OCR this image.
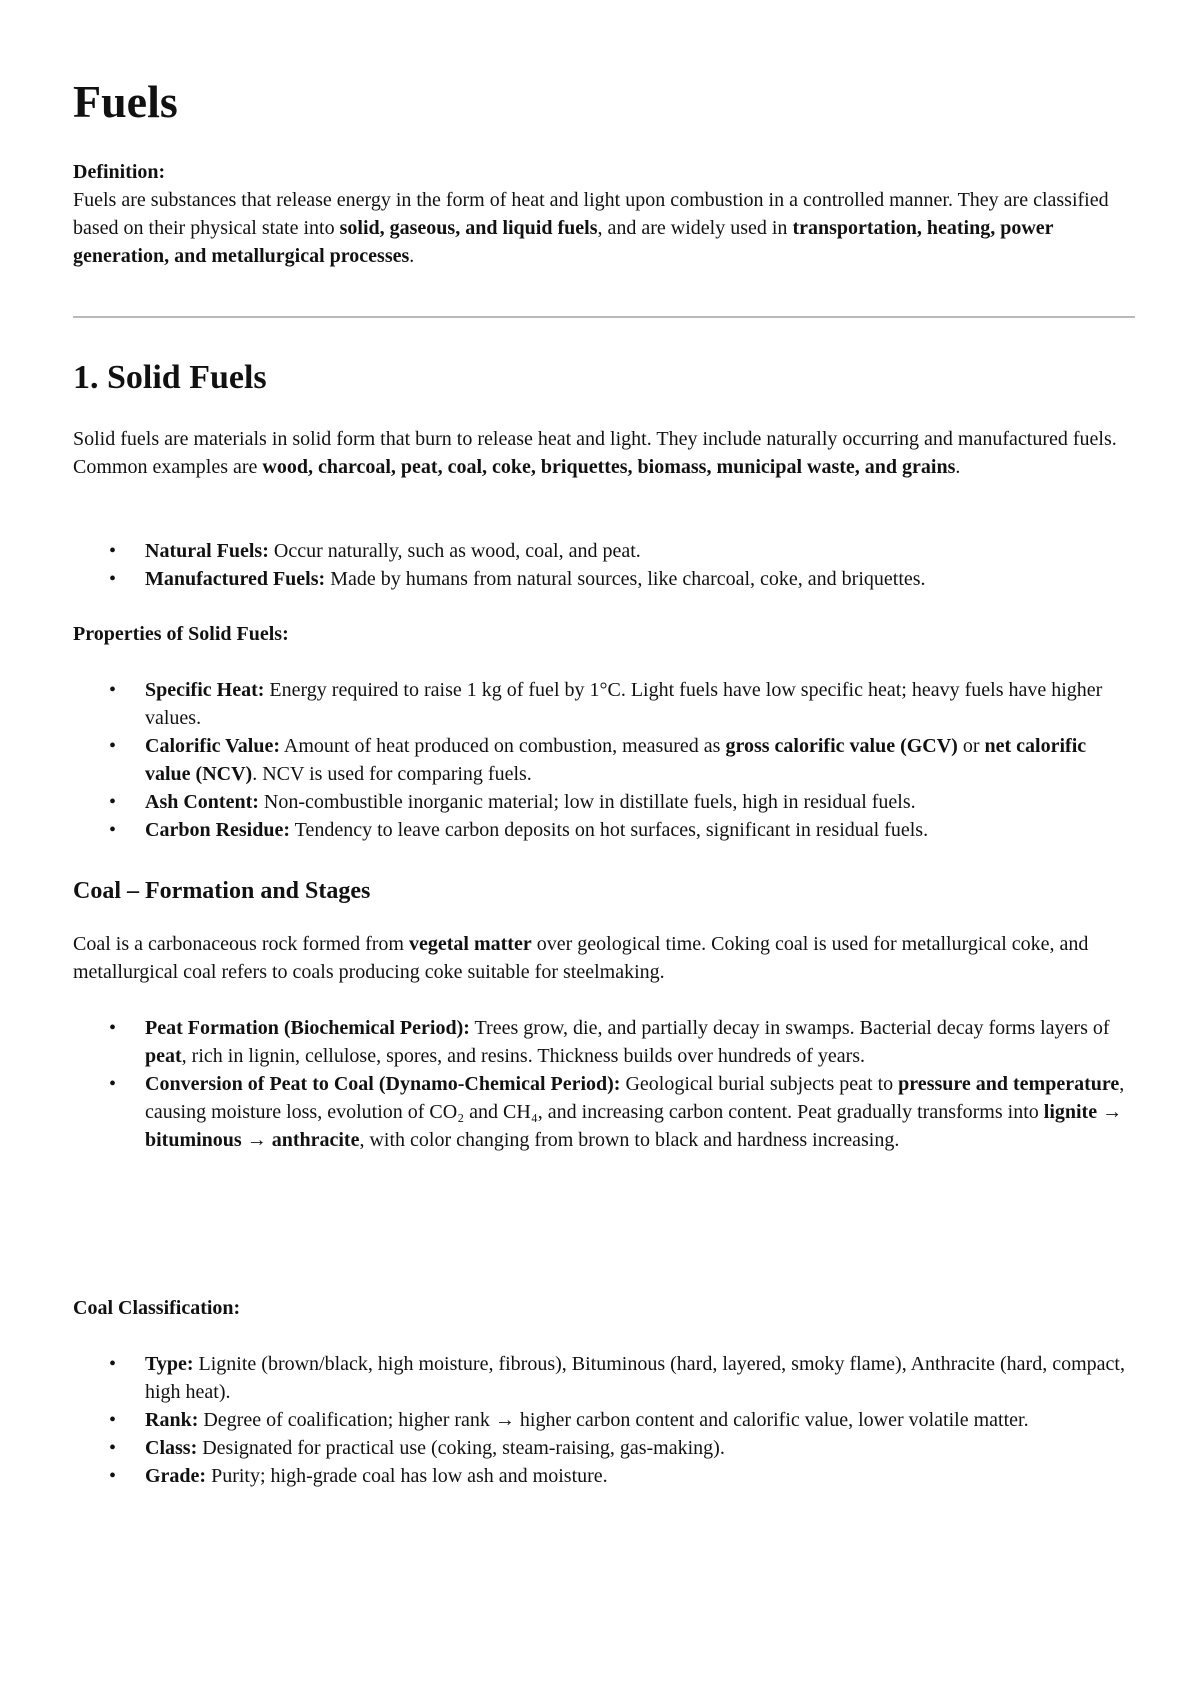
Fuels

Definition:

Fuels are substances that release energy in the form of heat and light upon combustion in a controlled manner. They are classified based on their physical state into solid, gaseous, and liquid fuels, and are widely used in transportation, heating, power generation, and metallurgical processes.

1. Solid Fuels

Solid fuels are materials in solid form that burn to release heat and light. They include naturally occurring and manufactured fuels. Common examples are wood, charcoal, peat, coal, coke, briquettes, biomass, municipal waste, and grains.

• Natural Fuels: Occur naturally, such as wood, coal, and peat.
• Manufactured Fuels: Made by humans from natural sources, like charcoal, coke, and briquettes.

Properties of Solid Fuels:

• Specific Heat: Energy required to raise 1 kg of fuel by 1°C. Light fuels have low specific heat; heavy fuels have higher values.
• Calorific Value: Amount of heat produced on combustion, measured as gross calorific value (GCV) or net calorific value (NCV). NCV is used for comparing fuels.
• Ash Content: Non-combustible inorganic material; low in distillate fuels, high in residual fuels.
• Carbon Residue: Tendency to leave carbon deposits on hot surfaces, significant in residual fuels.
Coal – Formation and Stages

Coal is a carbonaceous rock formed from vegetal matter over geological time. Coking coal is used for metallurgical coke, and metallurgical coal refers to coals producing coke suitable for steelmaking.

• Peat Formation (Biochemical Period): Trees grow, die, and partially decay in swamps. Bacterial decay forms layers of peat, rich in lignin, cellulose, spores, and resins. Thickness builds over hundreds of years.
• Conversion of Peat to Coal (Dynamo-Chemical Period): Geological burial subjects peat to pressure and temperature, causing moisture loss, evolution of CO₂ and CH₄, and increasing carbon content. Peat gradually transforms into lignite → bituminous → anthracite, with color changing from brown to black and hardness increasing.

Coal Classification:

• Type: Lignite (brown/black, high moisture, fibrous), Bituminous (hard, layered, smoky flame), Anthracite (hard, compact, high heat).
• Rank: Degree of coalification; higher rank → higher carbon content and calorific value, lower volatile matter.
• Class: Designated for practical use (coking, steam-raising, gas-making).
• Grade: Purity; high-grade coal has low ash and moisture.
